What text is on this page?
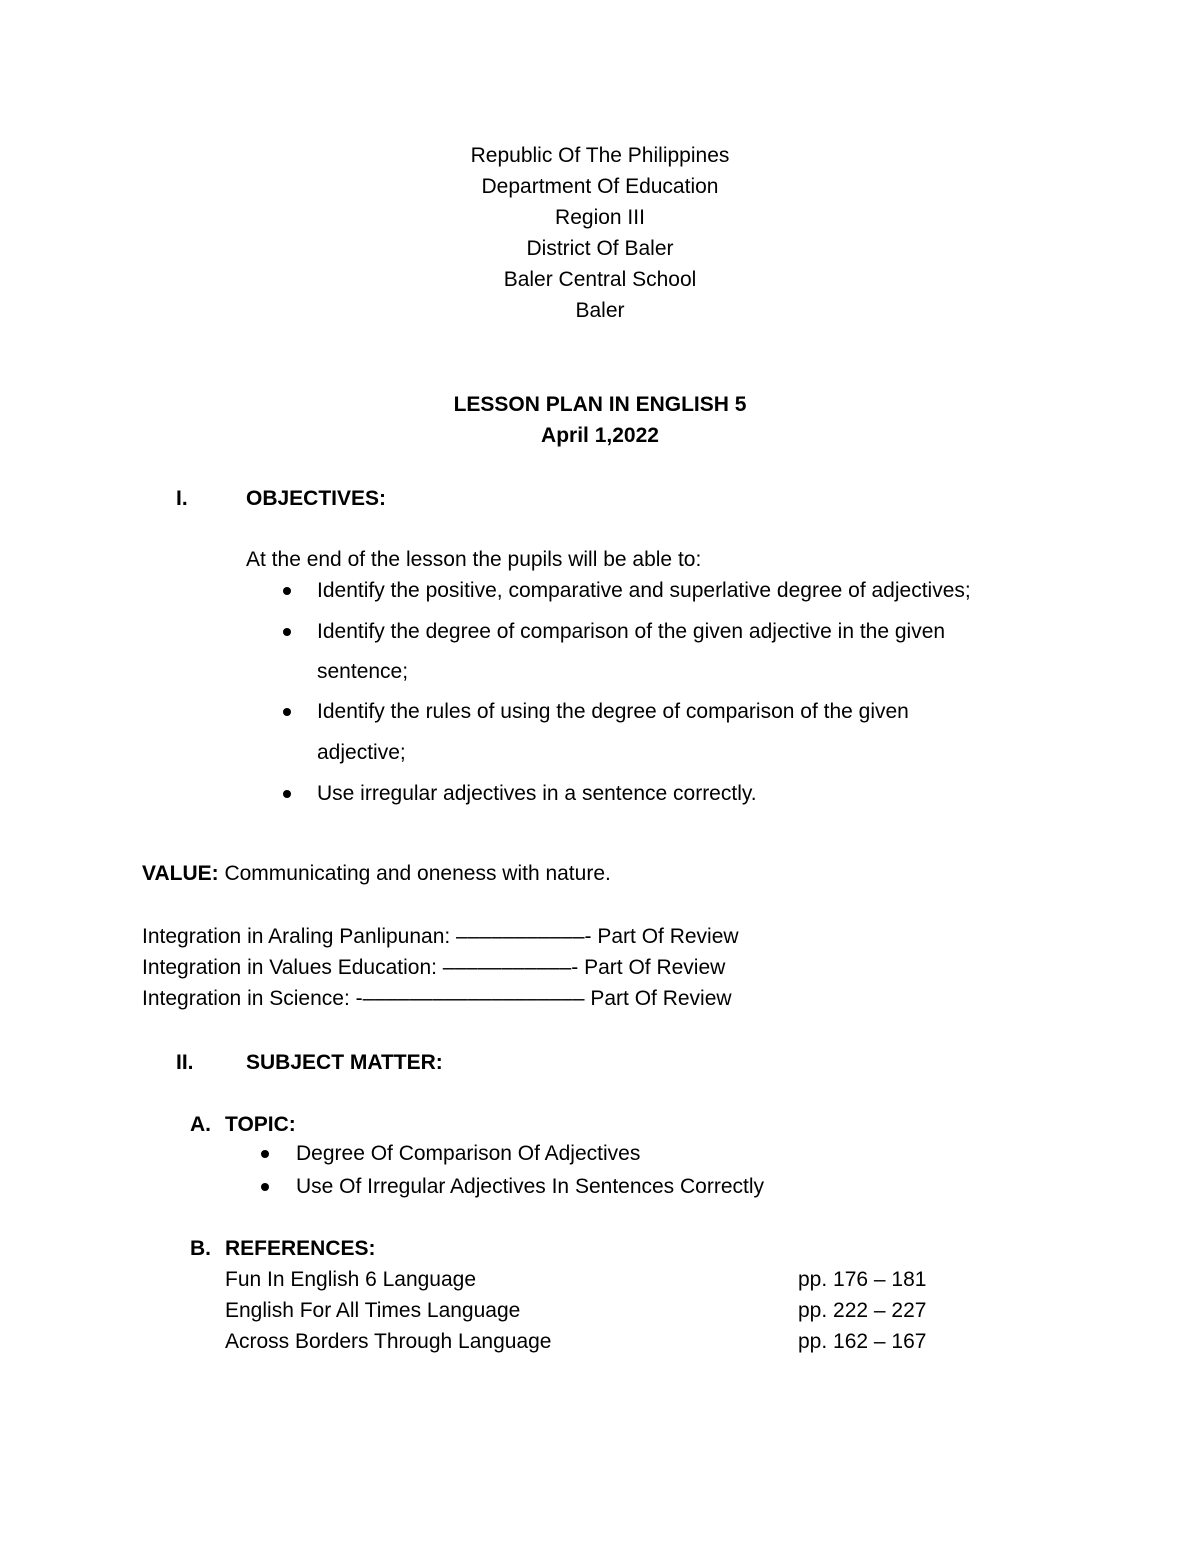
Republic Of The Philippines
Department Of Education
Region III
District Of Baler
Baler Central School
Baler
LESSON PLAN IN ENGLISH 5
April 1,2022
I.	OBJECTIVES:
At the end of the lesson the pupils will be able to:
Identify the positive, comparative and superlative degree of adjectives;
Identify the degree of comparison of the given adjective in the given
sentence;
Identify the rules of using the degree of comparison of the given
adjective;
Use irregular adjectives in a sentence correctly.
VALUE: Communicating and oneness with nature.
Integration in Araling Panlipunan: –––––––––––- Part Of Review
Integration in Values Education: –––––––––––- Part Of Review
Integration in Science: -––––––––––––––––––– Part Of Review
II. SUBJECT MATTER:
A. TOPIC:
Degree Of Comparison Of Adjectives
Use Of Irregular Adjectives In Sentences Correctly
B. REFERENCES:
Fun In English 6 Language	pp. 176 – 181
English For All Times Language	pp. 222 – 227
Across Borders Through Language	pp. 162 – 167
